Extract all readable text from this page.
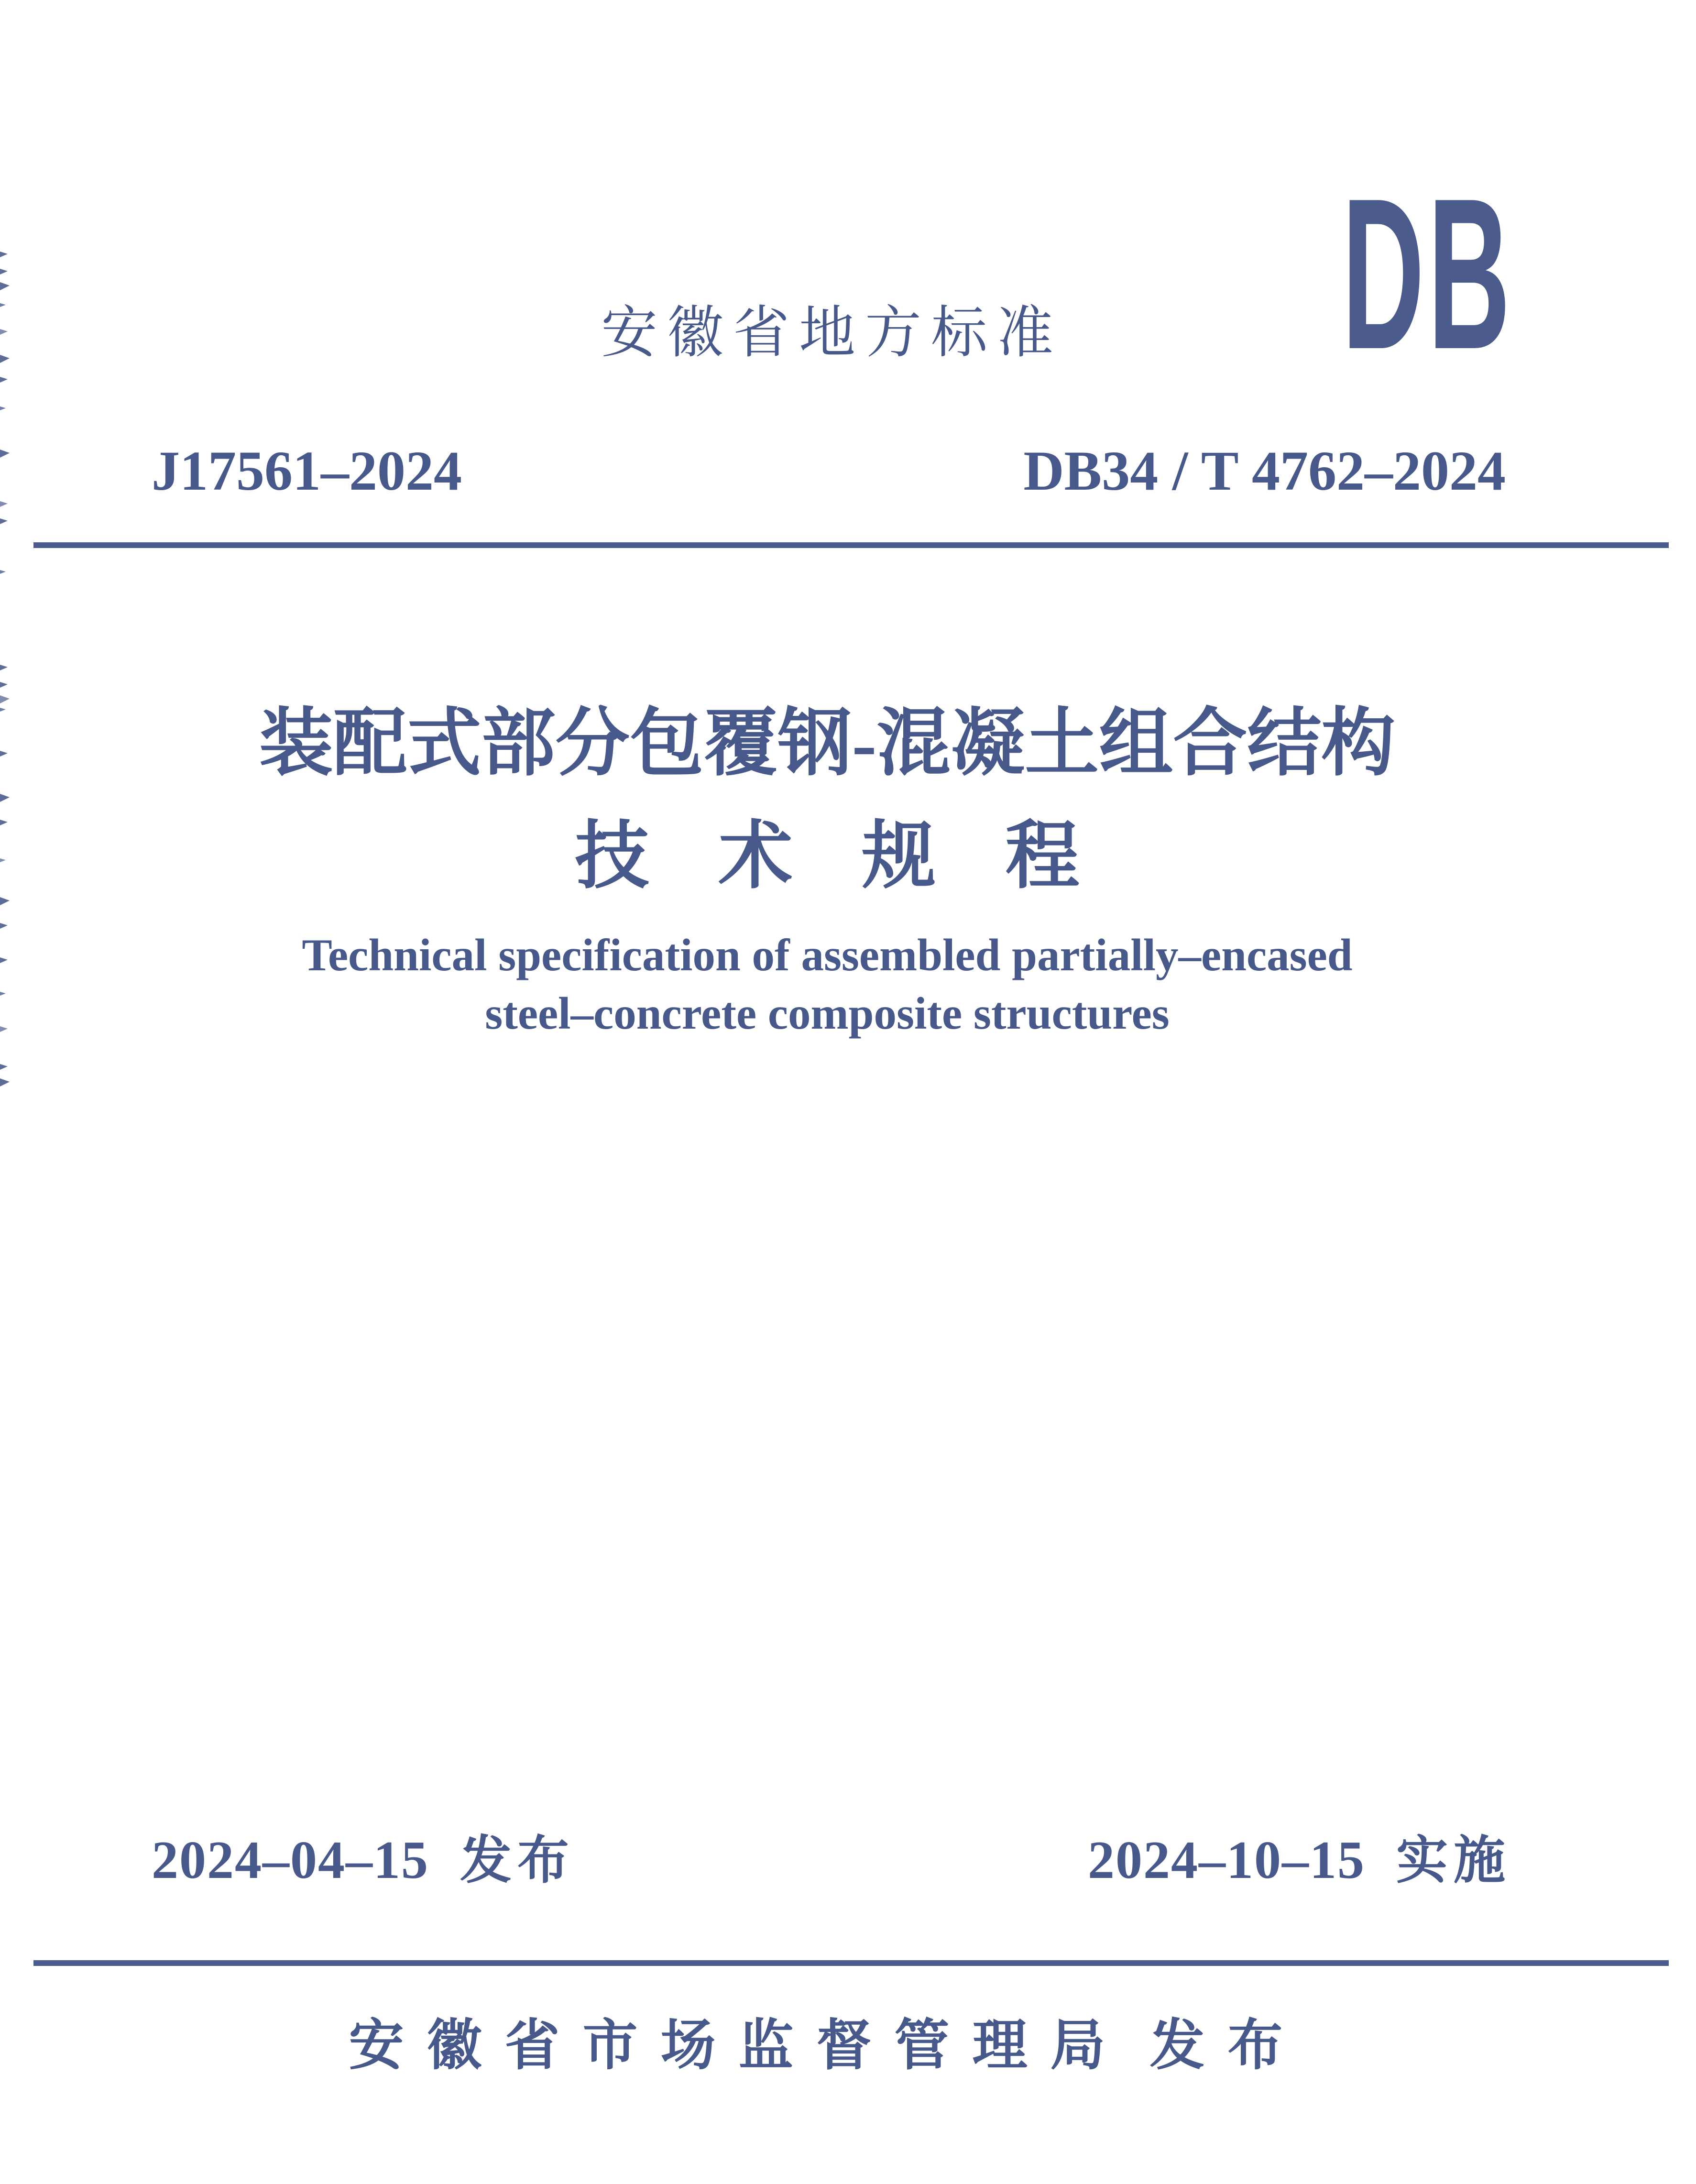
DB
安徽省地方标准
装配式部分包覆钢-混凝土组合结构
技术规程
Technical specification of assembled partially–encased
steel–concrete composite structures
安徽省市场监督管理局 发布
J17561–2024	DB34 / T 4762–2024
2024–04–15 发布	2024–10–15 实施
